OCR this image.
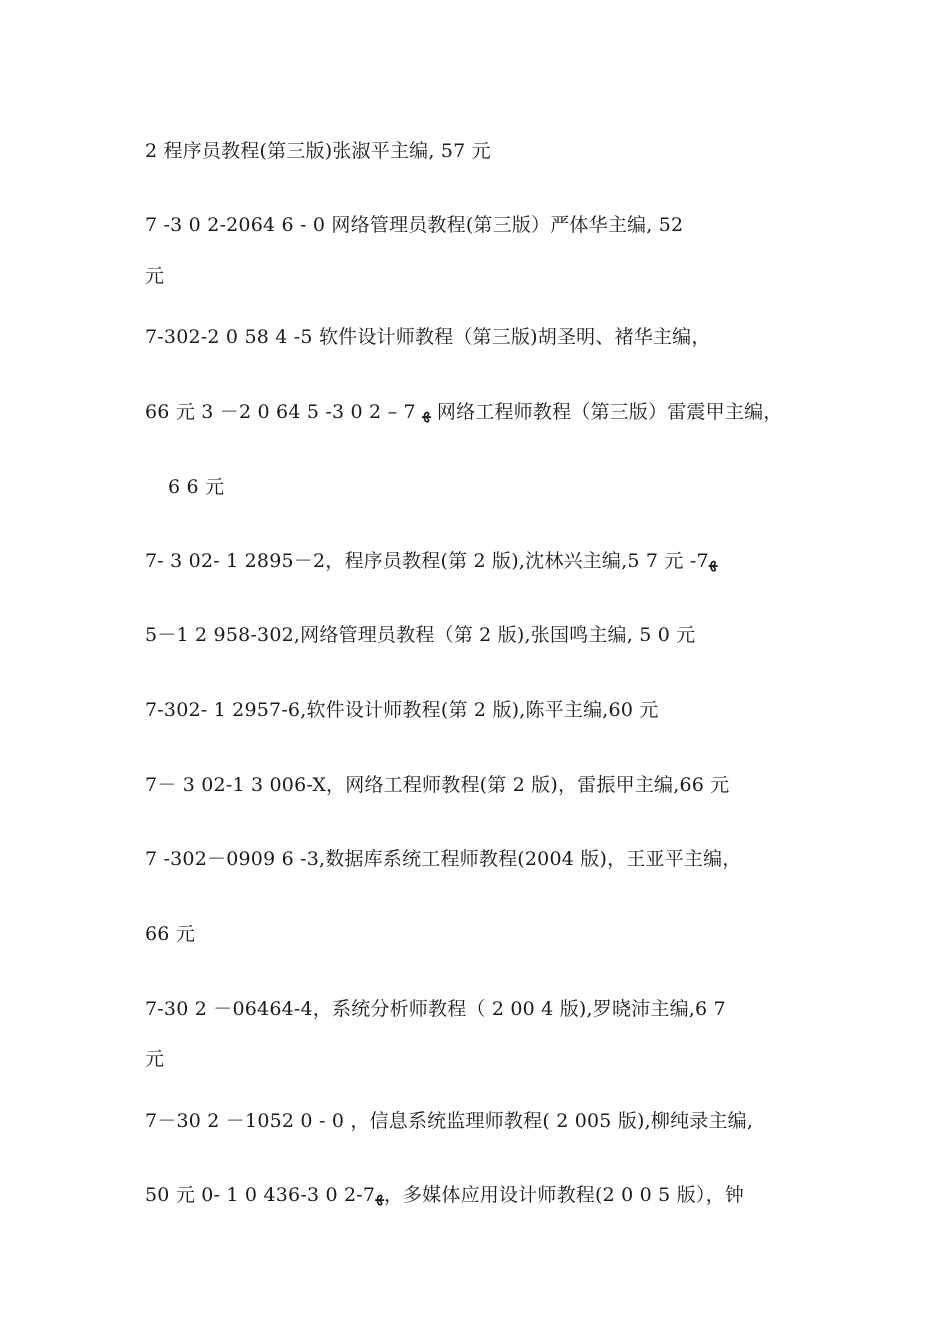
2 程序员教程(第三版)张淑平主编, 57 元
7 -3 0 2-2064 6 - 0 网络管理员教程(第三版）严体华主编, 52
元
7-302-2 0 58 4 -5 软件设计师教程（第三版)胡圣明、褚华主编，
66 元 3 －2 0 64 5 -3 0 2 – 7 ﻿ﻬ 网络工程师教程（第三版）雷震甲主编，
6 6 元
7- 3 02- 1 2895－2，程序员教程(第 2 版),沈林兴主编,5 7 元 -7ﻬ
5－1 2 958-302,网络管理员教程（第 2 版),张国鸣主编, 5 0 元
7-302- 1 2957-6,软件设计师教程(第 2 版),陈平主编,60 元
7－ 3 02-1 3 006-X，网络工程师教程(第 2 版)，雷振甲主编,66 元
7 -302－0909 6 -3,数据库系统工程师教程(2004 版)，王亚平主编，
66 元
7-30 2 －06464-4，系统分析师教程（ 2 00 4 版),罗晓沛主编,6 7
元
7－30 2 －1052 0 - 0 ，信息系统监理师教程( 2 005 版),柳纯录主编,
50 元 0- 1 0 436-3 0 2-7ﻬ，多媒体应用设计师教程(2 0 0 5 版），钟
